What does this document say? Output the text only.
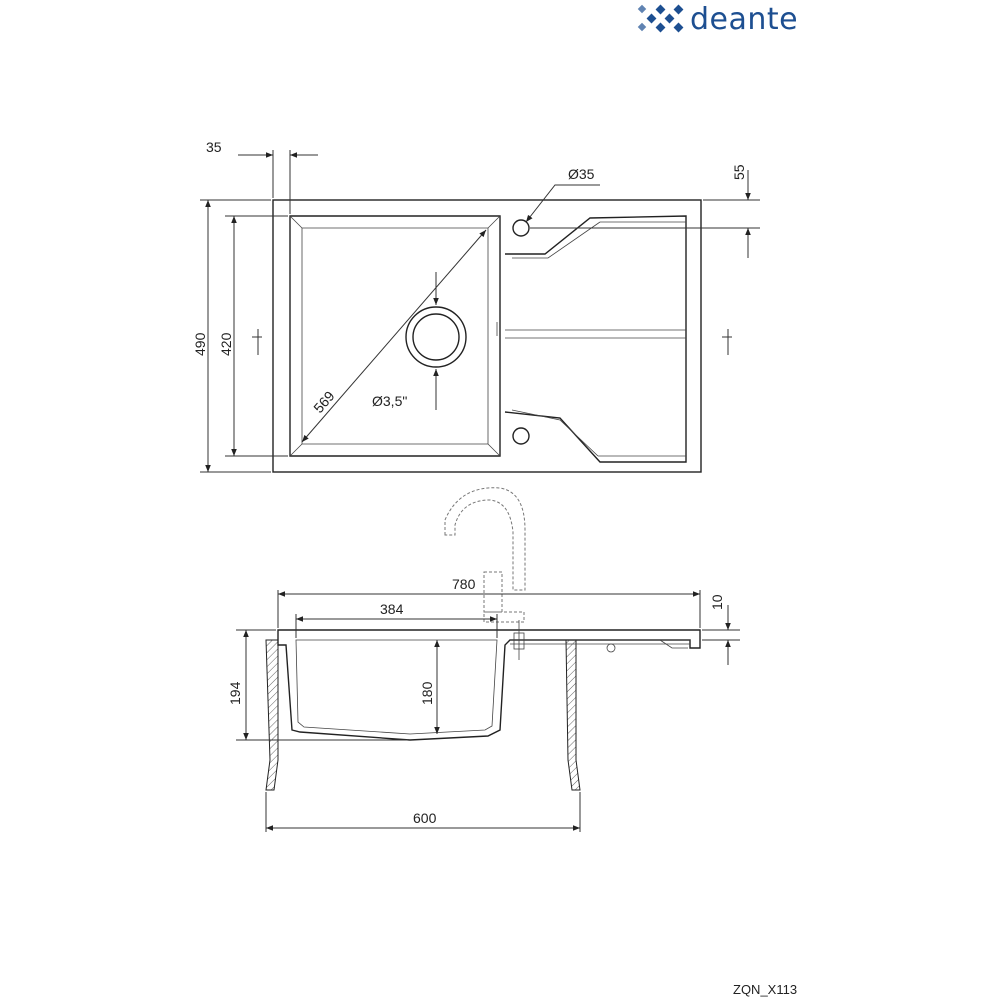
deante
35
Ø35	55
490 420
569 Ø3,5"
780
384	10
194	180
600
ZQN_X113
